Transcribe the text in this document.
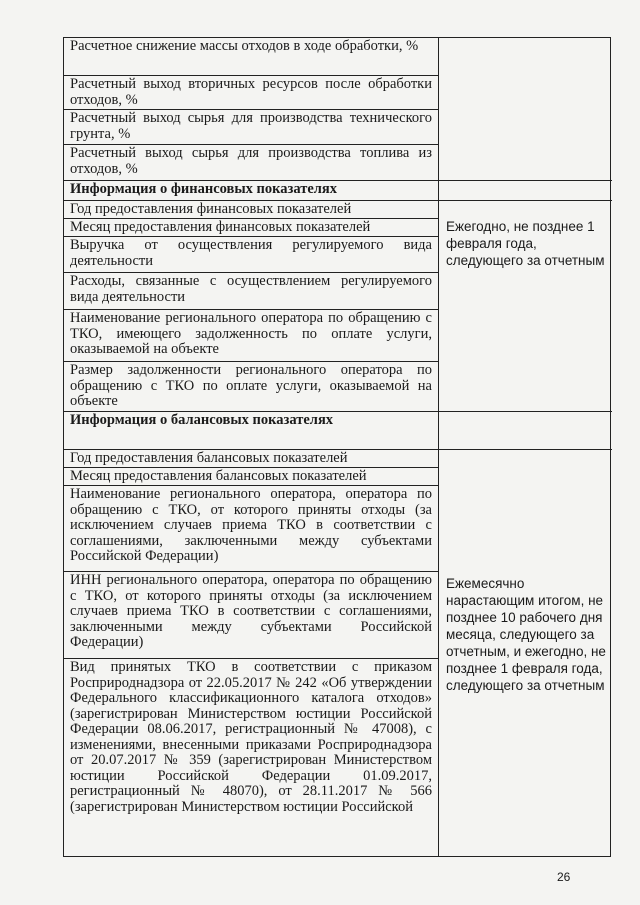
Расчетное снижение массы отходов в ходе обработки, %
Расчетный выход вторичных ресурсов после обработки отходов, %
Расчетный выход сырья для производства технического грунта, %
Расчетный выход сырья для производства топлива из отходов, %
Информация о финансовых показателях
Год предоставления финансовых показателей
Месяц предоставления финансовых показателей
Выручка от осуществления регулируемого вида деятельности
Расходы, связанные с осуществлением регулируемого вида деятельности
Наименование регионального оператора по обращению с ТКО, имеющего задолженность по оплате услуги, оказываемой на объекте
Размер задолженности регионального оператора по обращению с ТКО по оплате услуги, оказываемой на объекте
Ежегодно, не позднее 1 февраля года, следующего за отчетным
Информация о балансовых показателях
Год предоставления балансовых показателей
Месяц предоставления балансовых показателей
Наименование регионального оператора, оператора по обращению с ТКО, от которого приняты отходы (за исключением случаев приема ТКО в соответствии с соглашениями, заключенными между субъектами Российской Федерации)
ИНН регионального оператора, оператора по обращению с ТКО, от которого приняты отходы (за исключением случаев приема ТКО в соответствии с соглашениями, заключенными между субъектами Российской Федерации)
Вид принятых ТКО в соответствии с приказом Росприроднадзора от 22.05.2017 № 242 «Об утверждении Федерального классификационного каталога отходов» (зарегистрирован Министерством юстиции Российской Федерации 08.06.2017, регистрационный № 47008), с изменениями, внесенными приказами Росприроднадзора от 20.07.2017 № 359 (зарегистрирован Министерством юстиции Российской Федерации 01.09.2017, регистрационный № 48070), от 28.11.2017 № 566 (зарегистрирован Министерством юстиции Российской
Ежемесячно нарастающим итогом, не позднее 10 рабочего дня месяца, следующего за отчетным, и ежегодно, не позднее 1 февраля года, следующего за отчетным
26
